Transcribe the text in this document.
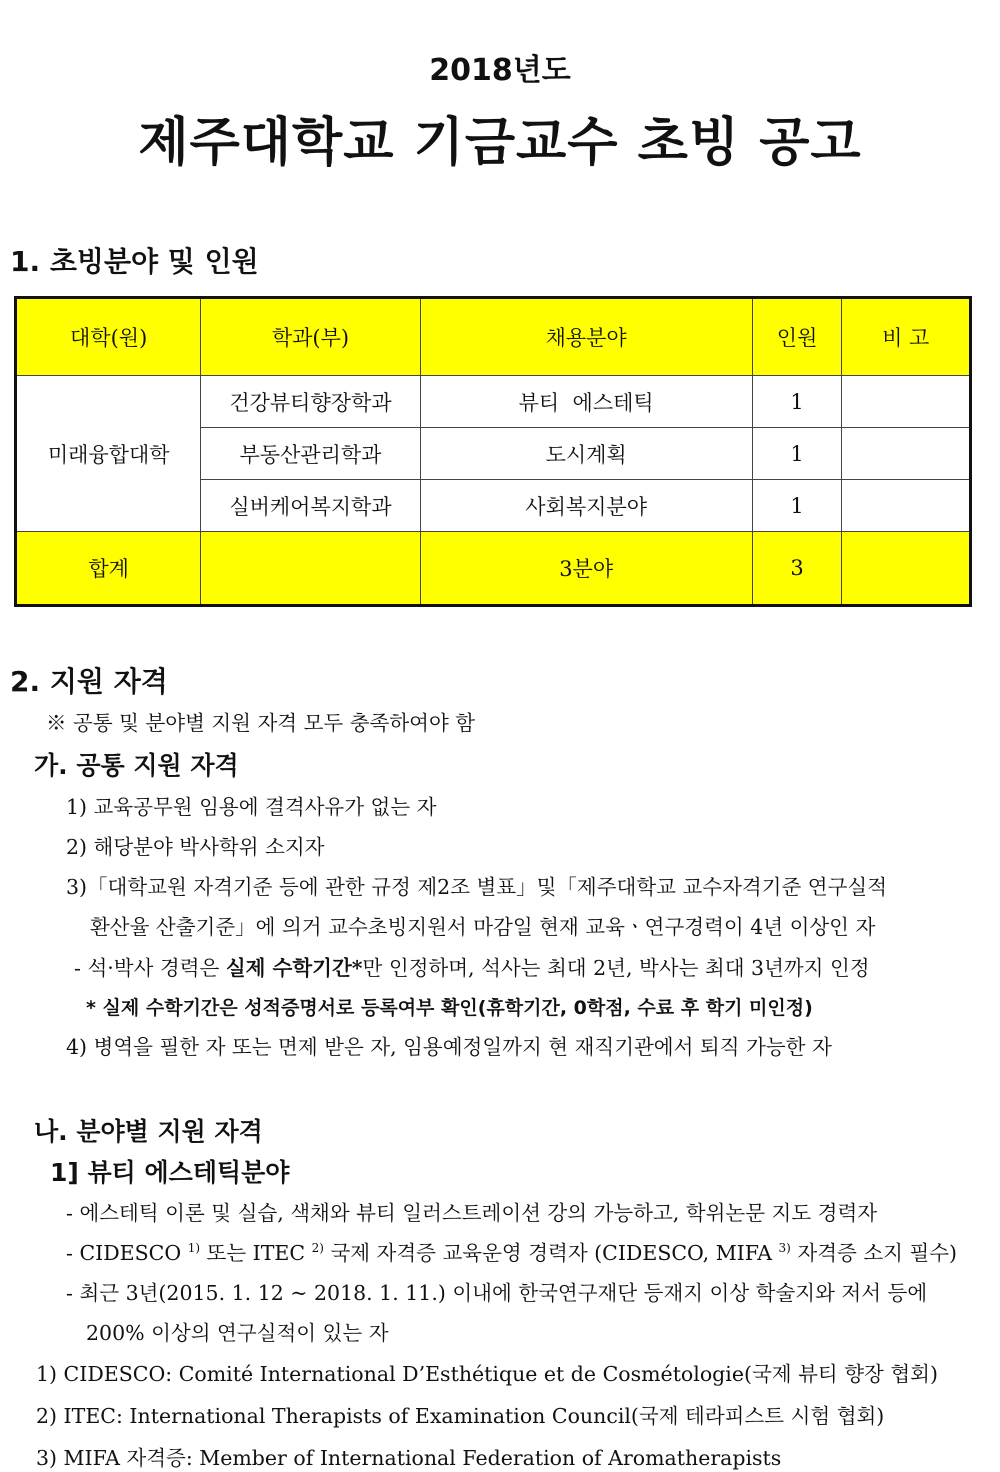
2018년도
제주대학교 기금교수 초빙 공고
1. 초빙분야 및 인원
대학(원)	학과(부)	채용분야	인원	비 고
미래융합대학	건강뷰티향장학과	뷰티  에스테틱	1	
	부동산관리학과	도시계획	1	
	실버케어복지학과	사회복지분야	1	
합계		3분야	3	
2. 지원 자격
※ 공통 및 분야별 지원 자격 모두 충족하여야 함
가. 공통 지원 자격
1) 교육공무원 임용에 결격사유가 없는 자
2) 해당분야 박사학위 소지자
3)「대학교원 자격기준 등에 관한 규정 제2조 별표」및「제주대학교 교수자격기준 연구실적
환산율 산출기준」에 의거 교수초빙지원서 마감일 현재 교육ㆍ연구경력이 4년 이상인 자
- 석·박사 경력은 실제 수학기간*만 인정하며, 석사는 최대 2년, 박사는 최대 3년까지 인정
* 실제 수학기간은 성적증명서로 등록여부 확인(휴학기간, 0학점, 수료 후 학기 미인정)
4) 병역을 필한 자 또는 면제 받은 자, 임용예정일까지 현 재직기관에서 퇴직 가능한 자
나. 분야별 지원 자격
1] 뷰티 에스테틱분야
- 에스테틱 이론 및 실습, 색채와 뷰티 일러스트레이션 강의 가능하고, 학위논문 지도 경력자
- CIDESCO $^{1)}$ 또는 ITEC $^{2)}$ 국제 자격증 교육운영 경력자 (CIDESCO, MIFA $^{3)}$ 자격증 소지 필수)
- 최근 3년(2015. 1. 12 ~ 2018. 1. 11.) 이내에 한국연구재단 등재지 이상 학술지와 저서 등에
200% 이상의 연구실적이 있는 자
1) CIDESCO: Comité International D’Esthétique et de Cosmétologie(국제 뷰티 향장 협회)
2) ITEC: International Therapists of Examination Council(국제 테라피스트 시험 협회)
3) MIFA 자격증: Member of International Federation of Aromatherapists
